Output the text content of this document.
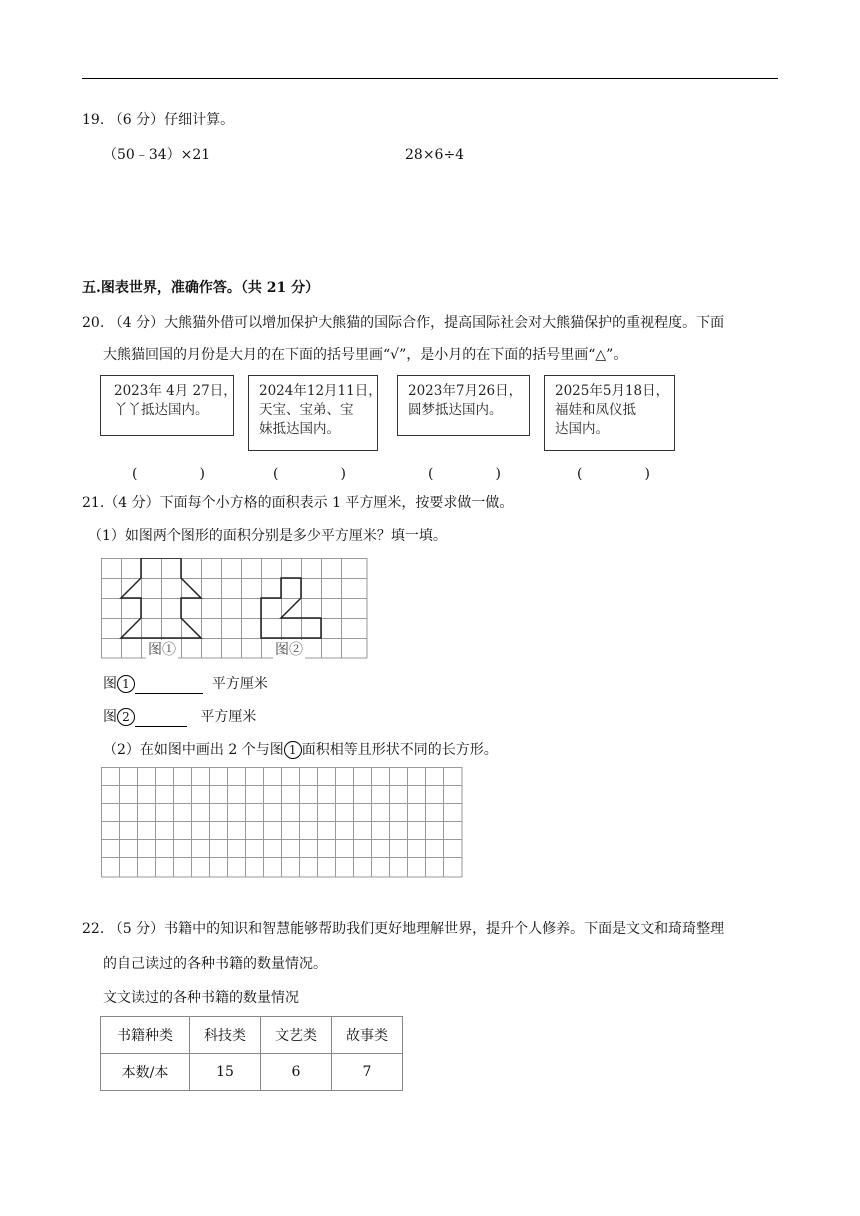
19. （6 分）仔细计算。
（50﹣34）×21	28×6÷4
五.图表世界，准确作答。（共 21 分）
20. （4 分）大熊猫外借可以增加保护大熊猫的国际合作，提高国际社会对大熊猫保护的重视程度。下面
大熊猫回国的月份是大月的在下面的括号里画“√”，是小月的在下面的括号里画“△”。
2023年 4月 27日，
丫丫抵达国内。
2024年12月11日，
天宝、宝弟、宝
妹抵达国内。
2023年7月26日，
圆梦抵达国内。
2025年5月18日，
福娃和凤仪抵
达国内。
(	)	(	)	(	)	(	)
21.（4 分）下面每个小方格的面积表示 1 平方厘米，按要求做一做。
（1）如图两个图形的面积分别是多少平方厘米？填一填。
图①	图②
图 1	平方厘米
图 2	平方厘米
（2）在如图中画出 2 个与图 1 面积相等且形状不同的长方形。
22. （5 分）书籍中的知识和智慧能够帮助我们更好地理解世界，提升个人修养。下面是文文和琦琦整理
的自己读过的各种书籍的数量情况。
文文读过的各种书籍的数量情况
书籍种类	科技类	文艺类	故事类
本数/本	15	6	7
